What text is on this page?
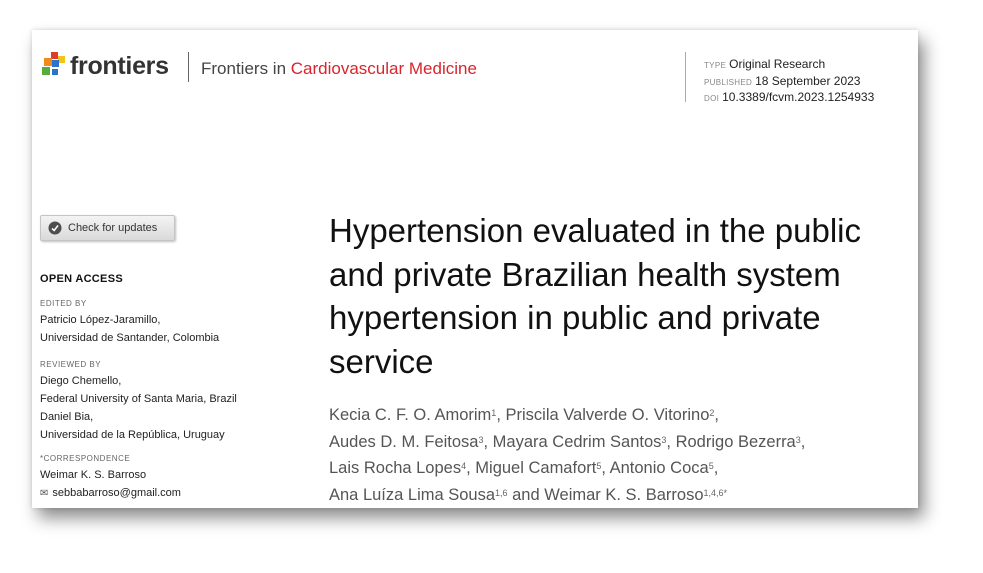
frontiers Frontiers in Cardiovascular Medicine	TYPE Original Research
PUBLISHED 18 September 2023
DOI 10.3389/fcvm.2023.1254933
Check for updates
OPEN ACCESS
EDITED BY
Patricio López-Jaramillo,
Universidad de Santander, Colombia
REVIEWED BY
Diego Chemello,
Federal University of Santa Maria, Brazil
Daniel Bia,
Universidad de la República, Uruguay
*CORRESPONDENCE
Weimar K. S. Barroso
✉ sebbabarroso@gmail.com
Hypertension evaluated in the public and private Brazilian health system hypertension in public and private service
Kecia C. F. O. Amorim$^1$, Priscila Valverde O. Vitorino$^2$,
Audes D. M. Feitosa$^3$, Mayara Cedrim Santos$^3$, Rodrigo Bezerra$^3$,
Lais Rocha Lopes$^4$, Miguel Camafort$^5$, Antonio Coca$^5$,
Ana Luíza Lima Sousa$^{1,6}$ and Weimar K. S. Barroso$^{1,4,6*}$
